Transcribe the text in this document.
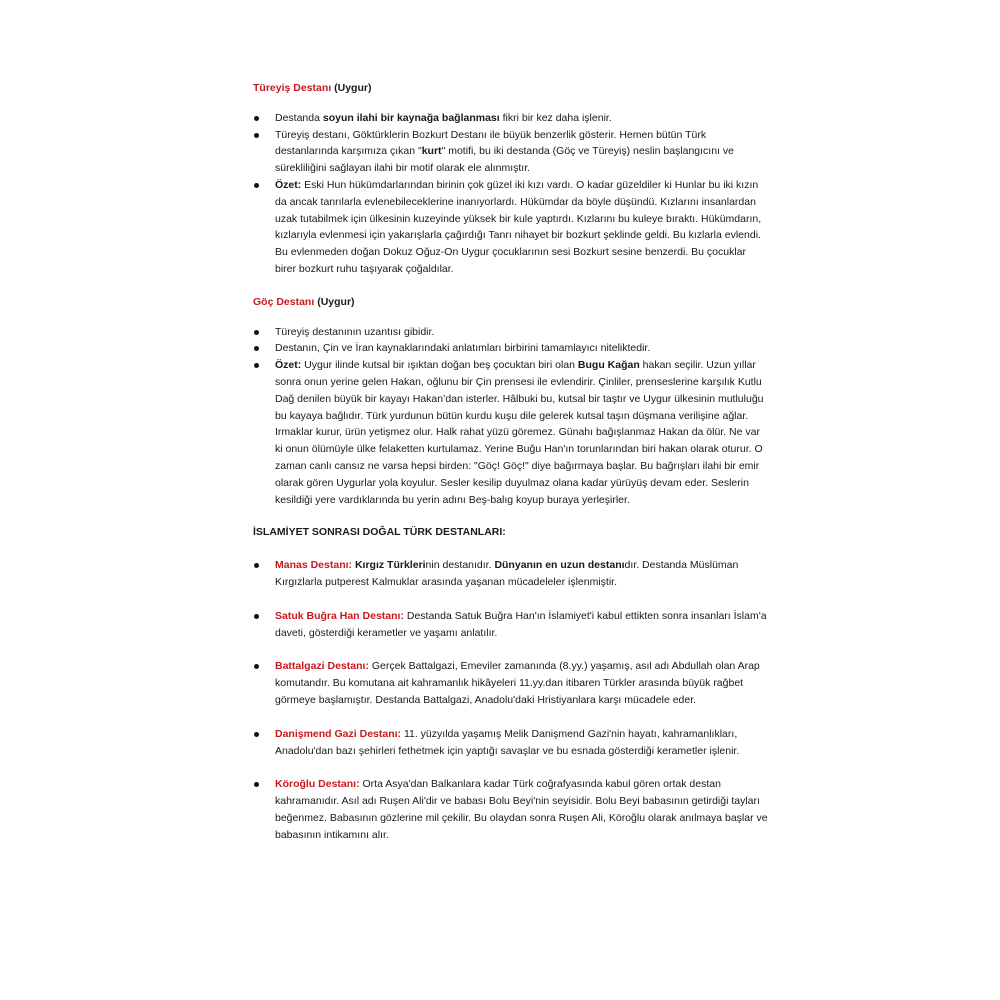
Türeyiş Destanı (Uygur)

Destanda soyun ilahi bir kaynağa bağlanması fikri bir kez daha işlenir.
Türeyiş destanı, Göktürklerin Bozkurt Destanı ile büyük benzerlik gösterir. Hemen bütün Türk destanlarında karşımıza çıkan "kurt" motifi, bu iki destanda (Göç ve Türeyiş) neslin başlangıcını ve sürekliliğini sağlayan ilahi bir motif olarak ele alınmıştır.
Özet: Eski Hun hükümdarlarından birinin çok güzel iki kızı vardı. O kadar güzeldiler ki Hunlar bu iki kızın da ancak tanrılarla evlenebileceklerine inanıyorlardı. Hükümdar da böyle düşündü. Kızlarını insanlardan uzak tutabilmek için ülkesinin kuzeyinde yüksek bir kule yaptırdı. Kızlarını bu kuleye bıraktı. Hükümdarın, kızlarıyla evlenmesi için yakarışlarla çağırdığı Tanrı nihayet bir bozkurt şeklinde geldi. Bu kızlarla evlendi. Bu evlenmeden doğan Dokuz Oğuz-On Uygur çocuklarının sesi Bozkurt sesine benzerdi. Bu çocuklar birer bozkurt ruhu taşıyarak çoğaldılar.

Göç Destanı (Uygur)

Türeyiş destanının uzantısı gibidir.
Destanın, Çin ve İran kaynaklarındaki anlatımları birbirini tamamlayıcı niteliktedir.
Özet: Uygur ilinde kutsal bir ışıktan doğan beş çocuktan biri olan Bugu Kağan hakan seçilir. Uzun yıllar sonra onun yerine gelen Hakan, oğlunu bir Çin prensesi ile evlendirir. Çinliler, prenseslerine karşılık Kutlu Dağ denilen büyük bir kayayı Hakan’dan isterler. Hâlbuki bu, kutsal bir taştır ve Uygur ülkesinin mutluluğu bu kayaya bağlıdır. Türk yurdunun bütün kurdu kuşu dile gelerek kutsal taşın düşmana verilişine ağlar. Irmaklar kurur, ürün yetişmez olur. Halk rahat yüzü göremez. Günahı bağışlanmaz Hakan da ölür. Ne var ki onun ölümüyle ülke felaketten kurtulamaz. Yerine Buğu Han'ın torunlarından biri hakan olarak oturur. O zaman canlı cansız ne varsa hepsi birden: "Göç! Göç!" diye bağırmaya başlar. Bu bağrışları ilahi bir emir olarak gören Uygurlar yola koyulur. Sesler kesilip duyulmaz olana kadar yürüyüş devam eder. Seslerin kesildiği yere vardıklarında bu yerin adını Beş-balıg koyup buraya yerleşirler.

İSLAMİYET SONRASI DOĞAL TÜRK DESTANLARI:

Manas Destanı: Kırgız Türklerinin destanıdır. Dünyanın en uzun destanıdır. Destanda Müslüman Kırgızlarla putperest Kalmuklar arasında yaşanan mücadeleler işlenmiştir.
Satuk Buğra Han Destanı: Destanda Satuk Buğra Han'ın İslamiyet'i kabul ettikten sonra insanları İslam'a daveti, gösterdiği kerametler ve yaşamı anlatılır.
Battalgazi Destanı: Gerçek Battalgazi, Emeviler zamanında (8.yy.) yaşamış, asıl adı Abdullah olan Arap komutandır. Bu komutana ait kahramanlık hikâyeleri 11.yy.dan itibaren Türkler arasında büyük rağbet görmeye başlamıştır. Destanda Battalgazi, Anadolu'daki Hristiyanlara karşı mücadele eder.
Danişmend Gazi Destanı: 11. yüzyılda yaşamış Melik Danişmend Gazi'nin hayatı, kahramanlıkları, Anadolu'dan bazı şehirleri fethetmek için yaptığı savaşlar ve bu esnada gösterdiği kerametler işlenir.
Köroğlu Destanı: Orta Asya'dan Balkanlara kadar Türk coğrafyasında kabul gören ortak destan kahramanıdır. Asıl adı Ruşen Ali'dir ve babası Bolu Beyi'nin seyisidir. Bolu Beyi babasının getirdiği tayları beğenmez. Babasının gözlerine mil çekilir. Bu olaydan sonra Ruşen Ali, Köroğlu olarak anılmaya başlar ve babasının intikamını alır.
